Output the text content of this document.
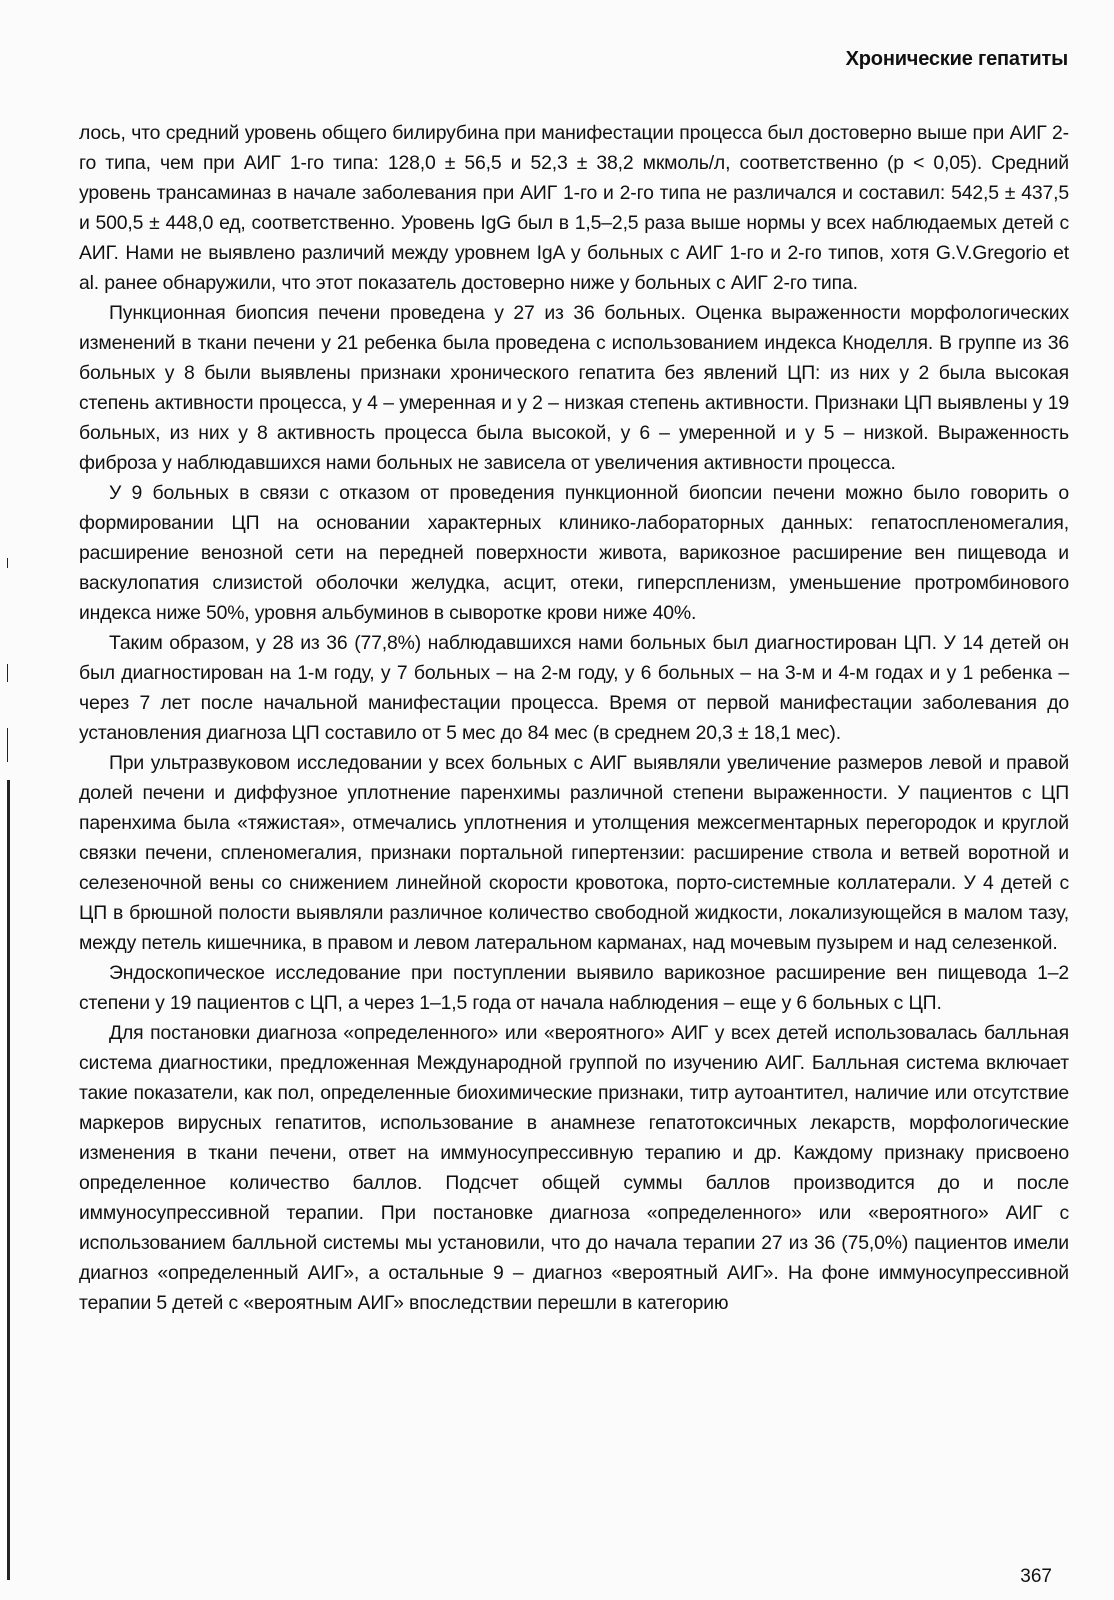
Хронические гепатиты

лось, что средний уровень общего билирубина при манифестации процесса был достоверно выше при АИГ 2-го типа, чем при АИГ 1-го типа: 128,0 ± 56,5 и 52,3 ± 38,2 мкмоль/л, соответственно (p < 0,05). Средний уровень трансаминаз в начале заболевания при АИГ 1-го и 2-го типа не различался и составил: 542,5 ± 437,5 и 500,5 ± 448,0 ед, соответственно. Уровень IgG был в 1,5–2,5 раза выше нормы у всех наблюдаемых детей с АИГ. Нами не выявлено различий между уровнем IgA у больных с АИГ 1-го и 2-го типов, хотя G.V.Gregorio et al. ранее обнаружили, что этот показатель достоверно ниже у больных с АИГ 2-го типа.

Пункционная биопсия печени проведена у 27 из 36 больных. Оценка выраженности морфологических изменений в ткани печени у 21 ребенка была проведена с использованием индекса Кноделля. В группе из 36 больных у 8 были выявлены признаки хронического гепатита без явлений ЦП: из них у 2 была высокая степень активности процесса, у 4 – умеренная и у 2 – низкая степень активности. Признаки ЦП выявлены у 19 больных, из них у 8 активность процесса была высокой, у 6 – умеренной и у 5 – низкой. Выраженность фиброза у наблюдавшихся нами больных не зависела от увеличения активности процесса.

У 9 больных в связи с отказом от проведения пункционной биопсии печени можно было говорить о формировании ЦП на основании характерных клинико-лабораторных данных: гепатоспленомегалия, расширение венозной сети на передней поверхности живота, варикозное расширение вен пищевода и васкулопатия слизистой оболочки желудка, асцит, отеки, гиперспленизм, уменьшение протромбинового индекса ниже 50%, уровня альбуминов в сыворотке крови ниже 40%.

Таким образом, у 28 из 36 (77,8%) наблюдавшихся нами больных был диагностирован ЦП. У 14 детей он был диагностирован на 1-м году, у 7 больных – на 2-м году, у 6 больных – на 3-м и 4-м годах и у 1 ребенка – через 7 лет после начальной манифестации процесса. Время от первой манифестации заболевания до установления диагноза ЦП составило от 5 мес до 84 мес (в среднем 20,3 ± 18,1 мес).

При ультразвуковом исследовании у всех больных с АИГ выявляли увеличение размеров левой и правой долей печени и диффузное уплотнение паренхимы различной степени выраженности. У пациентов с ЦП паренхима была «тяжистая», отмечались уплотнения и утолщения межсегментарных перегородок и круглой связки печени, спленомегалия, признаки портальной гипертензии: расширение ствола и ветвей воротной и селезеночной вены со снижением линейной скорости кровотока, порто-системные коллатерали. У 4 детей с ЦП в брюшной полости выявляли различное количество свободной жидкости, локализующейся в малом тазу, между петель кишечника, в правом и левом латеральном карманах, над мочевым пузырем и над селезенкой.

Эндоскопическое исследование при поступлении выявило варикозное расширение вен пищевода 1–2 степени у 19 пациентов с ЦП, а через 1–1,5 года от начала наблюдения – еще у 6 больных с ЦП.

Для постановки диагноза «определенного» или «вероятного» АИГ у всех детей использовалась балльная система диагностики, предложенная Международной группой по изучению АИГ. Балльная система включает такие показатели, как пол, определенные биохимические признаки, титр аутоантител, наличие или отсутствие маркеров вирусных гепатитов, использование в анамнезе гепатотоксичных лекарств, морфологические изменения в ткани печени, ответ на иммуносупрессивную терапию и др. Каждому признаку присвоено определенное количество баллов. Подсчет общей суммы баллов производится до и после иммуносупрессивной терапии. При постановке диагноза «определенного» или «вероятного» АИГ с использованием балльной системы мы установили, что до начала терапии 27 из 36 (75,0%) пациентов имели диагноз «определенный АИГ», а остальные 9 – диагноз «вероятный АИГ». На фоне иммуносупрессивной терапии 5 детей с «вероятным АИГ» впоследствии перешли в категорию

367
